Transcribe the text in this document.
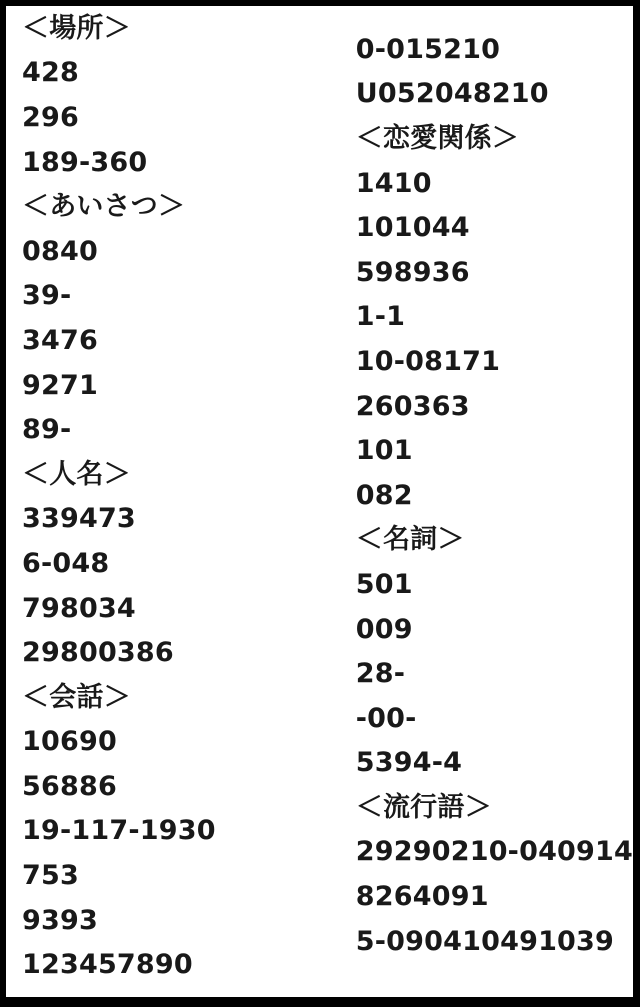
＜場所＞
428
296
189-360
＜あいさつ＞
0840
39-
3476
9271
89-
＜人名＞
339473
6-048
798034
29800386
＜会話＞
10690
56886
19-117-1930
753
9393
123457890
0-015210
U052048210
＜恋愛関係＞
1410
101044
598936
1-1
10-08171
260363
101
082
＜名詞＞
501
009
28-
-00-
5394-4
＜流行語＞
29290210-040914
8264091
5-090410491039
